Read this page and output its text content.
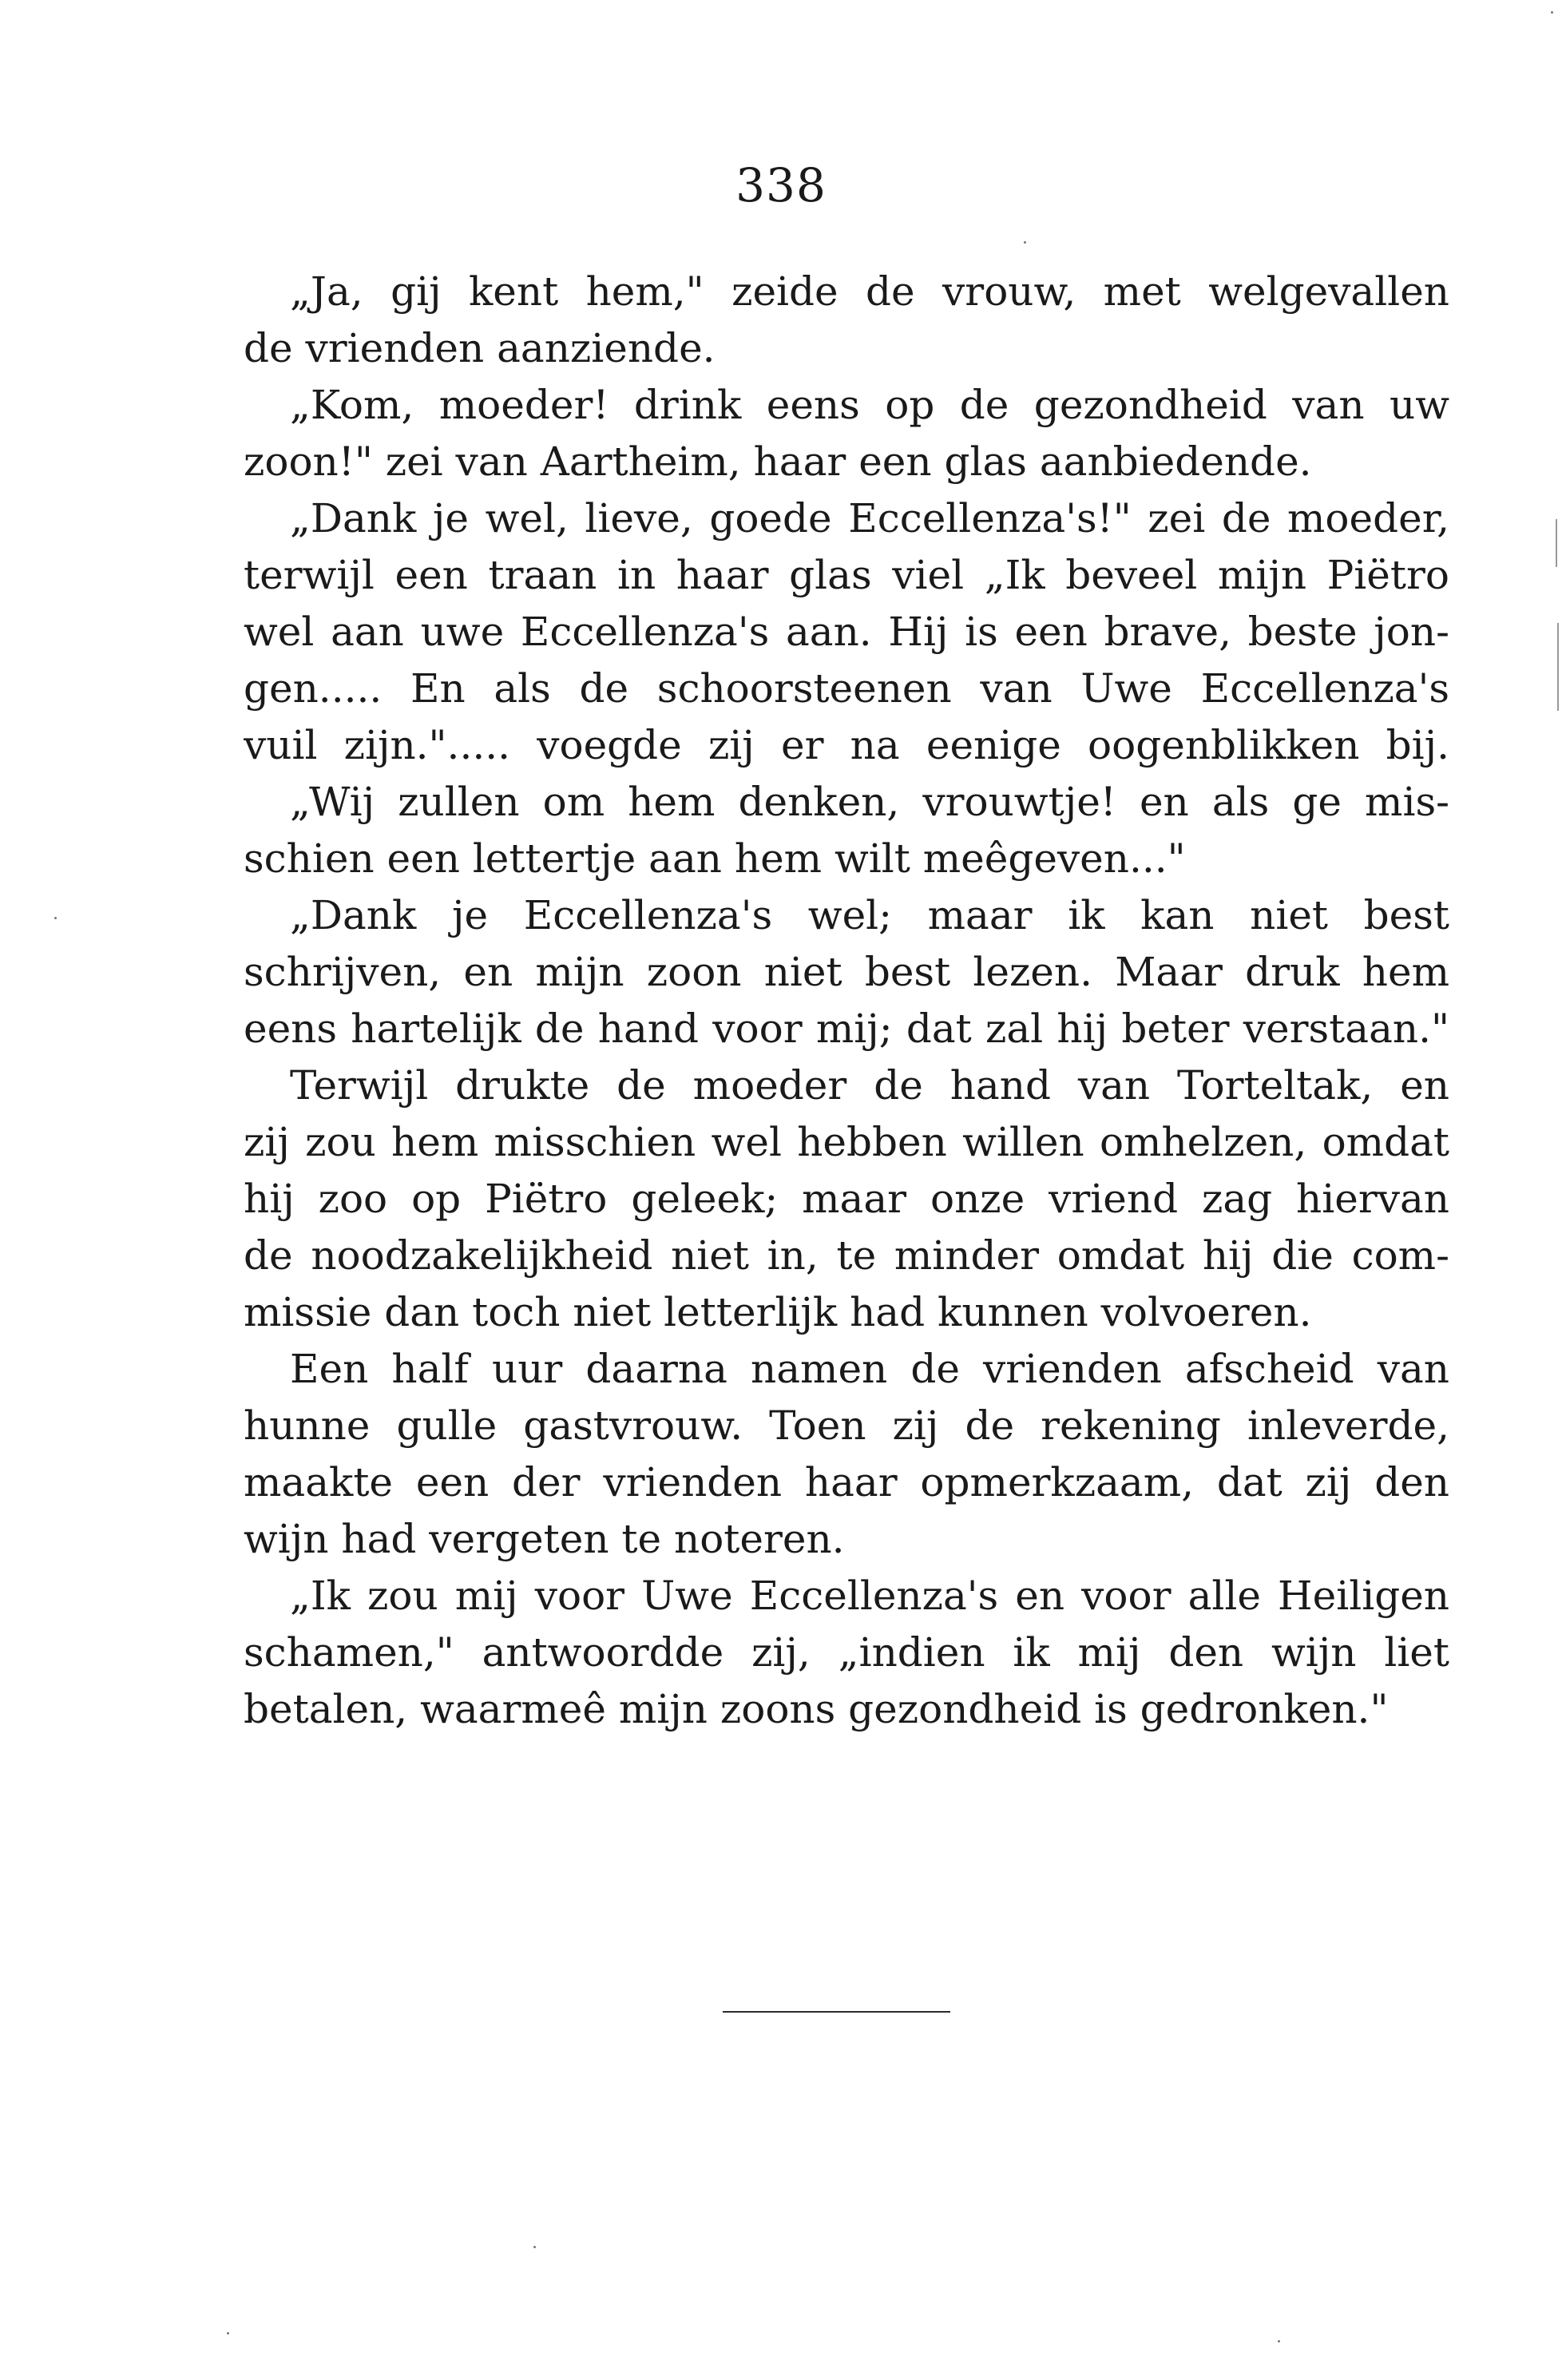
338
„Ja, gij kent hem," zeide de vrouw, met welgevallen
de vrienden aanziende.
„Kom, moeder! drink eens op de gezondheid van uw
zoon!" zei van Aartheim, haar een glas aanbiedende.
„Dank je wel, lieve, goede Eccellenza's!" zei de moeder,
terwijl een traan in haar glas viel „Ik beveel mijn Piëtro
wel aan uwe Eccellenza's aan. Hij is een brave, beste jon-
gen..... En als de schoorsteenen van Uwe Eccellenza's
vuil zijn."..... voegde zij er na eenige oogenblikken bij.
„Wij zullen om hem denken, vrouwtje! en als ge mis-
schien een lettertje aan hem wilt meêgeven..."
„Dank je Eccellenza's wel; maar ik kan niet best
schrijven, en mijn zoon niet best lezen. Maar druk hem
eens hartelijk de hand voor mij; dat zal hij beter verstaan."
Terwijl drukte de moeder de hand van Torteltak, en
zij zou hem misschien wel hebben willen omhelzen, omdat
hij zoo op Piëtro geleek; maar onze vriend zag hiervan
de noodzakelijkheid niet in, te minder omdat hij die com-
missie dan toch niet letterlijk had kunnen volvoeren.
Een half uur daarna namen de vrienden afscheid van
hunne gulle gastvrouw. Toen zij de rekening inleverde,
maakte een der vrienden haar opmerkzaam, dat zij den
wijn had vergeten te noteren.
„Ik zou mij voor Uwe Eccellenza's en voor alle Heiligen
schamen," antwoordde zij, „indien ik mij den wijn liet
betalen, waarmeê mijn zoons gezondheid is gedronken."
